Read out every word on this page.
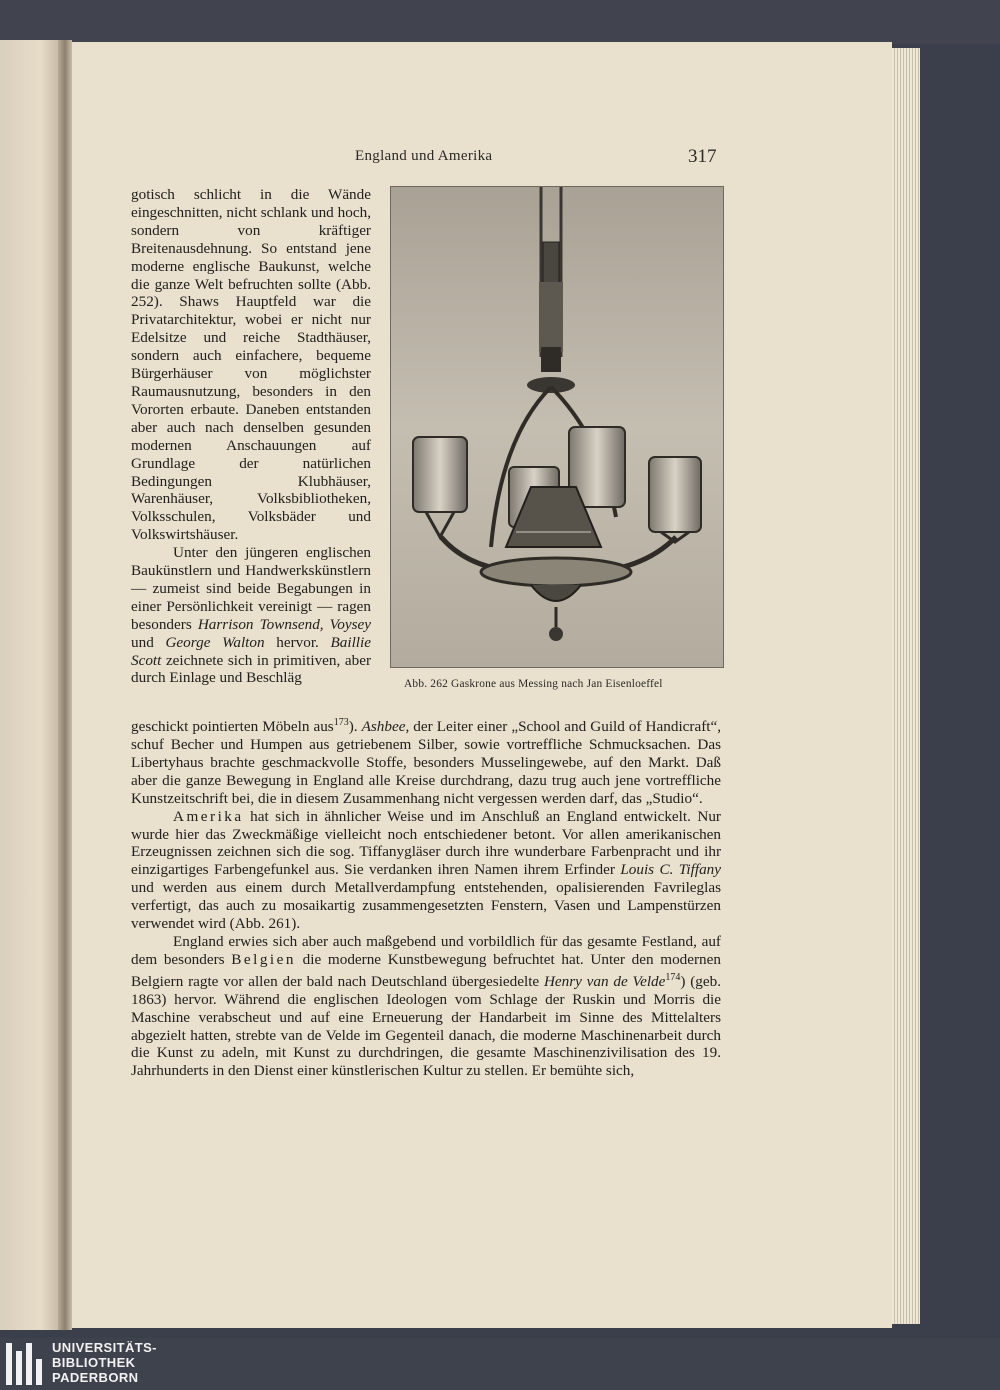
England und Amerika	317

gotisch schlicht in die Wände eingeschnitten, nicht schlank und hoch, sondern von kräftiger Breitenausdehnung. So entstand jene moderne englische Baukunst, welche die ganze Welt befruchten sollte (Abb. 252). Shaws Hauptfeld war die Privatarchitektur, wobei er nicht nur Edelsitze und reiche Stadthäuser, sondern auch einfachere, bequeme Bürgerhäuser von möglichster Raumausnutzung, besonders in den Vororten erbaute. Daneben entstanden aber auch nach denselben gesunden modernen Anschauungen auf Grundlage der natürlichen Bedingungen Klubhäuser, Warenhäuser, Volksbibliotheken, Volksschulen, Volksbäder und Volkswirtshäuser.

Unter den jüngeren englischen Baukünstlern und Handwerkskünstlern — zumeist sind beide Begabungen in einer Persönlichkeit vereinigt — ragen besonders Harrison Townsend, Voysey und George Walton hervor. Baillie Scott zeichnete sich in primitiven, aber durch Einlage und Beschläg	Abb. 262 Gaskrone aus Messing nach Jan Eisenloeffel

geschickt pointierten Möbeln aus$^{173}$). Ashbee, der Leiter einer „School and Guild of Handicraft“, schuf Becher und Humpen aus getriebenem Silber, sowie vortreffliche Schmucksachen. Das Libertyhaus brachte geschmackvolle Stoffe, besonders Musselingewebe, auf den Markt. Daß aber die ganze Bewegung in England alle Kreise durchdrang, dazu trug auch jene vortreffliche Kunstzeitschrift bei, die in diesem Zusammenhang nicht vergessen werden darf, das „Studio“.

Amerika hat sich in ähnlicher Weise und im Anschluß an England entwickelt. Nur wurde hier das Zweckmäßige vielleicht noch entschiedener betont. Vor allen amerikanischen Erzeugnissen zeichnen sich die sog. Tiffanygläser durch ihre wunderbare Farbenpracht und ihr einzigartiges Farbengefunkel aus. Sie verdanken ihren Namen ihrem Erfinder Louis C. Tiffany und werden aus einem durch Metallverdampfung entstehenden, opalisierenden Favrileglas verfertigt, das auch zu mosaikartig zusammengesetzten Fenstern, Vasen und Lampenstürzen verwendet wird (Abb. 261).

England erwies sich aber auch maßgebend und vorbildlich für das gesamte Festland, auf dem besonders Belgien die moderne Kunstbewegung befruchtet hat. Unter den modernen Belgiern ragte vor allen der bald nach Deutschland übergesiedelte Henry van de Velde$^{174}$) (geb. 1863) hervor. Während die englischen Ideologen vom Schlage der Ruskin und Morris die Maschine verabscheut und auf eine Erneuerung der Handarbeit im Sinne des Mittelalters abgezielt hatten, strebte van de Velde im Gegenteil danach, die moderne Maschinenarbeit durch die Kunst zu adeln, mit Kunst zu durchdringen, die gesamte Maschinenzivilisation des 19. Jahrhunderts in den Dienst einer künstlerischen Kultur zu stellen. Er bemühte sich,

UNIVERSITÄTS-
BIBLIOTHEK
PADERBORN
